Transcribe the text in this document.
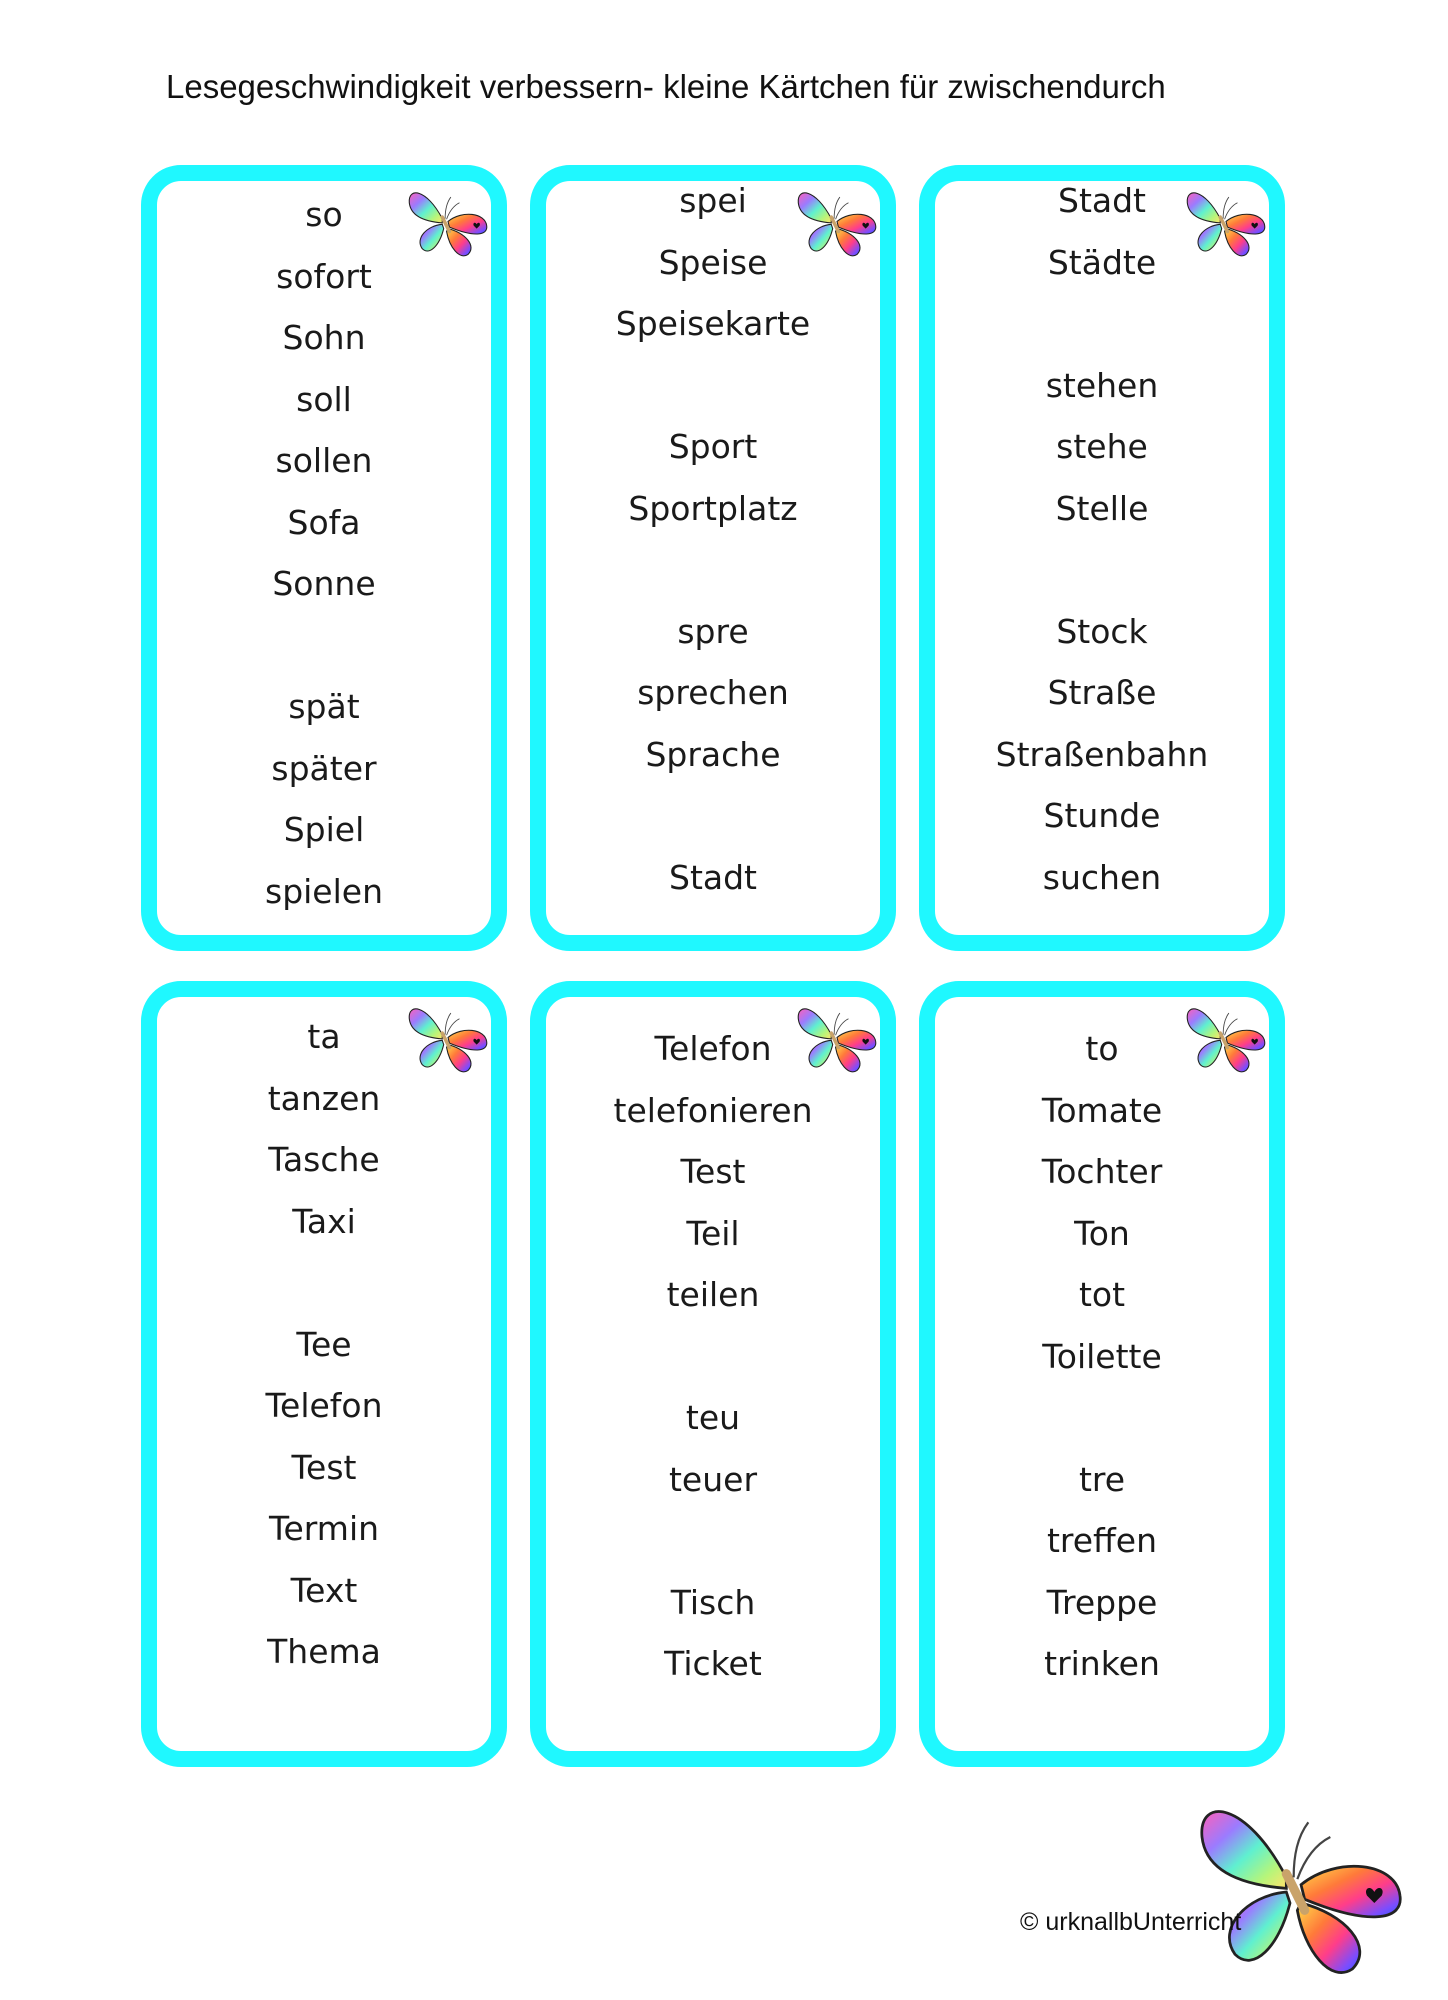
Lesegeschwindigkeit verbessern- kleine Kärtchen für zwischendurch
so
sofort
Sohn
soll
sollen
Sofa
Sonne
spät
später
Spiel
spielen
spei
Speise
Speisekarte
Sport
Sportplatz
spre
sprechen
Sprache
Stadt
Stadt
Städte
stehen
stehe
Stelle
Stock
Straße
Straßenbahn
Stunde
suchen
ta
tanzen
Tasche
Taxi
Tee
Telefon
Test
Termin
Text
Thema
Telefon
telefonieren
Test
Teil
teilen
teu
teuer
Tisch
Ticket
to
Tomate
Tochter
Ton
tot
Toilette
tre
treffen
Treppe
trinken
© urknallbUnterricht
